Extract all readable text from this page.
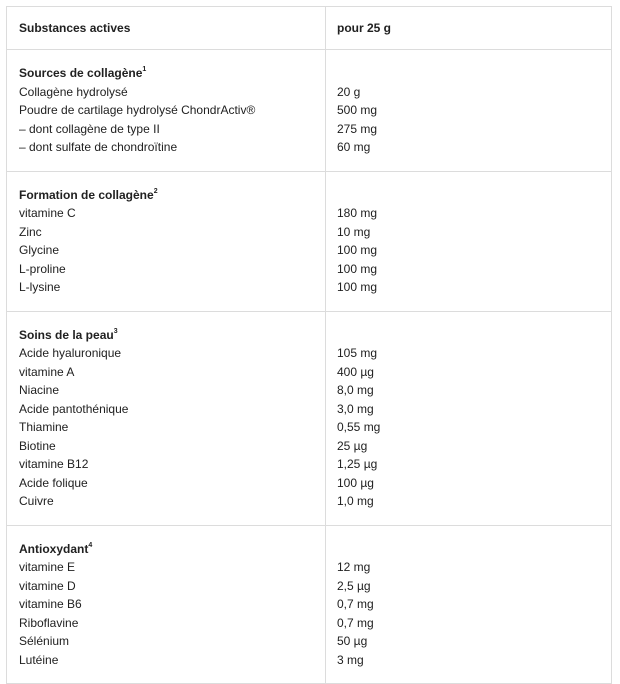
Substances actives	pour 25 g
Sources de collagène$^1$
Collagène hydrolysé	20 g
Poudre de cartilage hydrolysé ChondrActiv®	500 mg
– dont collagène de type II	275 mg
– dont sulfate de chondroïtine	60 mg
Formation de collagène$^2$
vitamine C	180 mg
Zinc	10 mg
Glycine	100 mg
L-proline	100 mg
L-lysine	100 mg
Soins de la peau$^3$
Acide hyaluronique	105 mg
vitamine A	400 µg
Niacine	8,0 mg
Acide pantothénique	3,0 mg
Thiamine	0,55 mg
Biotine	25 µg
vitamine B12	1,25 µg
Acide folique	100 µg
Cuivre	1,0 mg
Antioxydant$^4$
vitamine E	12 mg
vitamine D	2,5 µg
vitamine B6	0,7 mg
Riboflavine	0,7 mg
Sélénium	50 µg
Lutéine	3 mg
